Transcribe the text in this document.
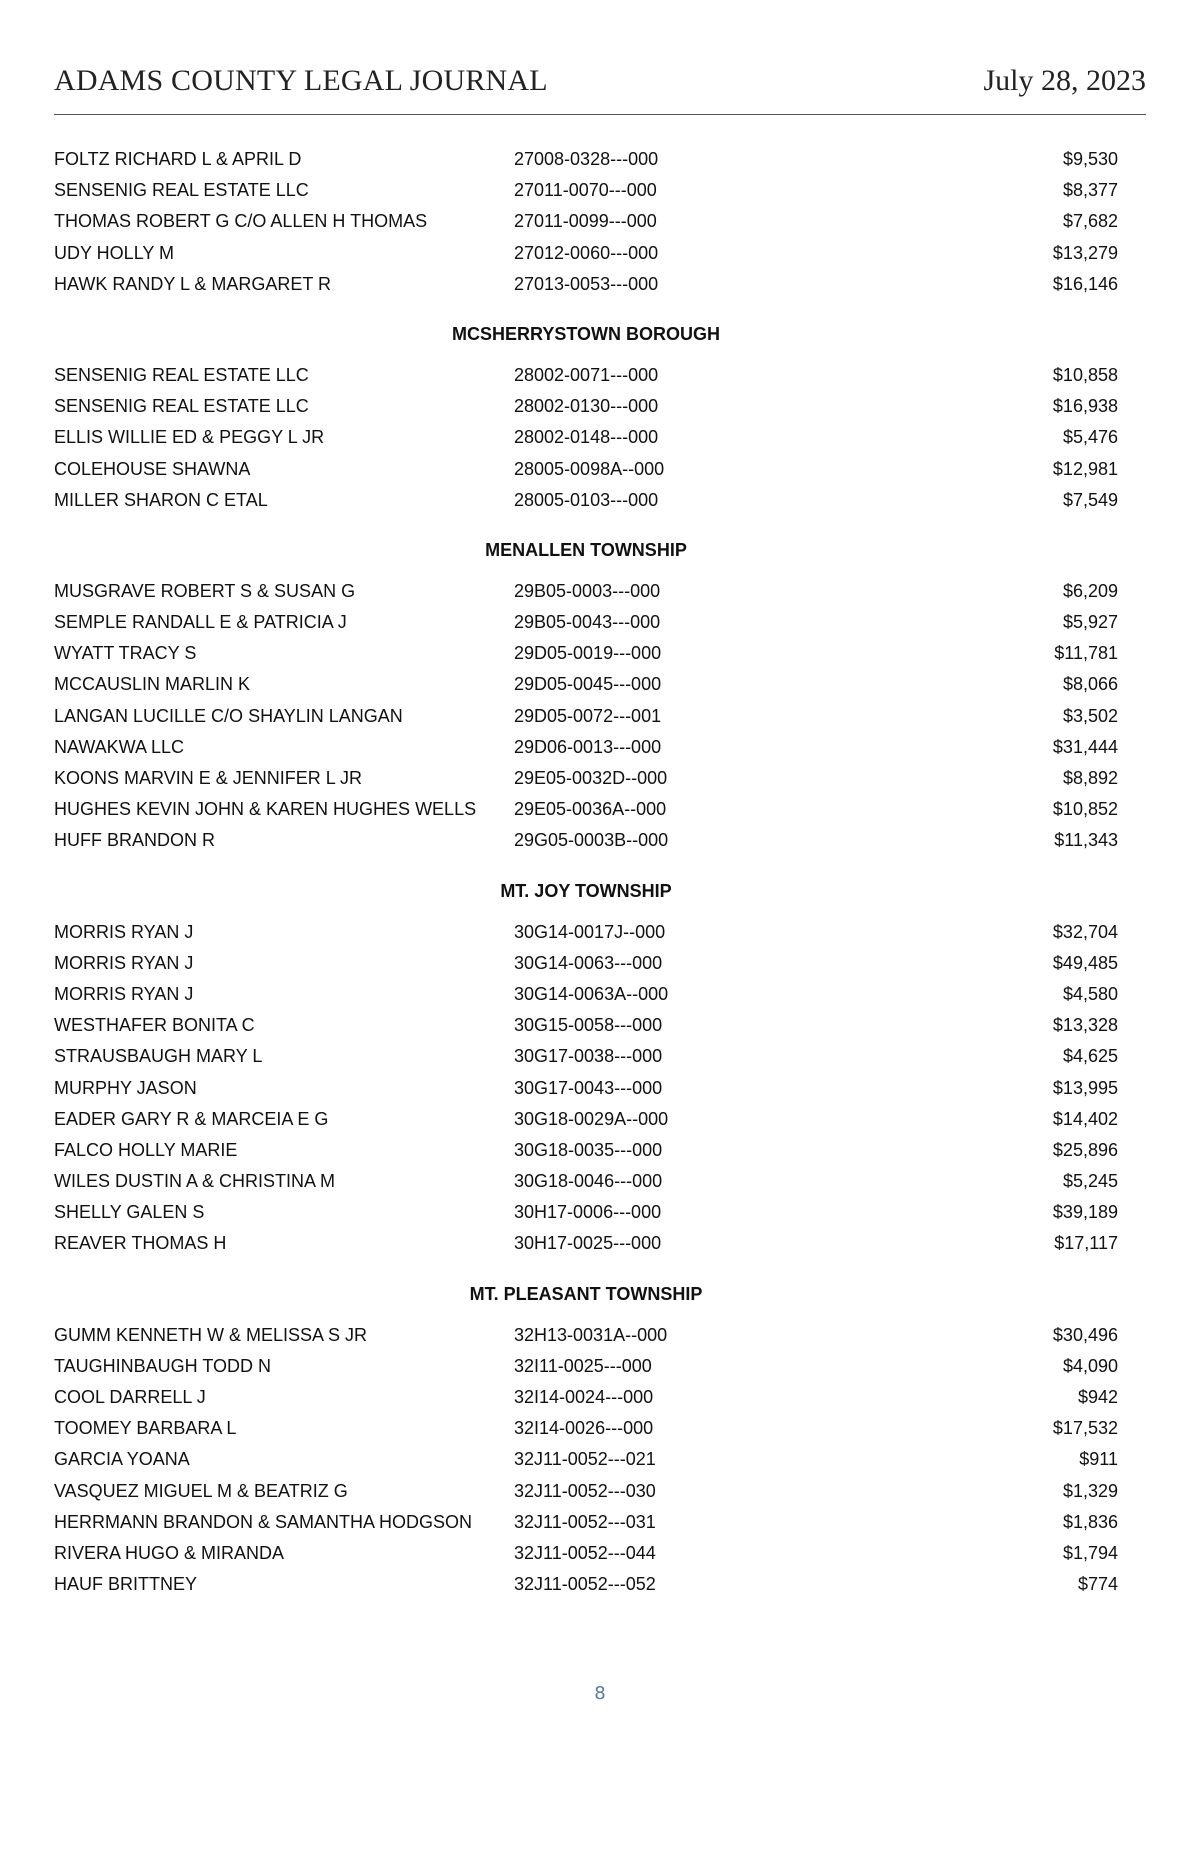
ADAMS COUNTY LEGAL JOURNAL	July 28, 2023
FOLTZ RICHARD L & APRIL D	27008-0328---000	$9,530
SENSENIG REAL ESTATE LLC	27011-0070---000	$8,377
THOMAS ROBERT G C/O ALLEN H THOMAS	27011-0099---000	$7,682
UDY HOLLY M	27012-0060---000	$13,279
HAWK RANDY L & MARGARET R	27013-0053---000	$16,146
MCSHERRYSTOWN BOROUGH
SENSENIG REAL ESTATE LLC	28002-0071---000	$10,858
SENSENIG REAL ESTATE LLC	28002-0130---000	$16,938
ELLIS WILLIE ED & PEGGY L JR	28002-0148---000	$5,476
COLEHOUSE SHAWNA	28005-0098A--000	$12,981
MILLER SHARON C ETAL	28005-0103---000	$7,549
MENALLEN TOWNSHIP
MUSGRAVE ROBERT S & SUSAN G	29B05-0003---000	$6,209
SEMPLE RANDALL E & PATRICIA J	29B05-0043---000	$5,927
WYATT TRACY S	29D05-0019---000	$11,781
MCCAUSLIN MARLIN K	29D05-0045---000	$8,066
LANGAN LUCILLE C/O SHAYLIN LANGAN	29D05-0072---001	$3,502
NAWAKWA LLC	29D06-0013---000	$31,444
KOONS MARVIN E & JENNIFER L JR	29E05-0032D--000	$8,892
HUGHES KEVIN JOHN & KAREN HUGHES WELLS 29E05-0036A--000	$10,852
HUFF BRANDON R	29G05-0003B--000	$11,343
MT. JOY TOWNSHIP
MORRIS RYAN J	30G14-0017J--000	$32,704
MORRIS RYAN J	30G14-0063---000	$49,485
MORRIS RYAN J	30G14-0063A--000	$4,580
WESTHAFER BONITA C	30G15-0058---000	$13,328
STRAUSBAUGH MARY L	30G17-0038---000	$4,625
MURPHY JASON	30G17-0043---000	$13,995
EADER GARY R & MARCEIA E G	30G18-0029A--000	$14,402
FALCO HOLLY MARIE	30G18-0035---000	$25,896
WILES DUSTIN A & CHRISTINA M	30G18-0046---000	$5,245
SHELLY GALEN S	30H17-0006---000	$39,189
REAVER THOMAS H	30H17-0025---000	$17,117
MT. PLEASANT TOWNSHIP
GUMM KENNETH W & MELISSA S JR	32H13-0031A--000	$30,496
TAUGHINBAUGH TODD N	32I11-0025---000	$4,090
COOL DARRELL J	32I14-0024---000	$942
TOOMEY BARBARA L	32I14-0026---000	$17,532
GARCIA YOANA	32J11-0052---021	$911
VASQUEZ MIGUEL M & BEATRIZ G	32J11-0052---030	$1,329
HERRMANN BRANDON & SAMANTHA HODGSON 32J11-0052---031	$1,836
RIVERA HUGO & MIRANDA	32J11-0052---044	$1,794
HAUF BRITTNEY	32J11-0052---052	$774
8
